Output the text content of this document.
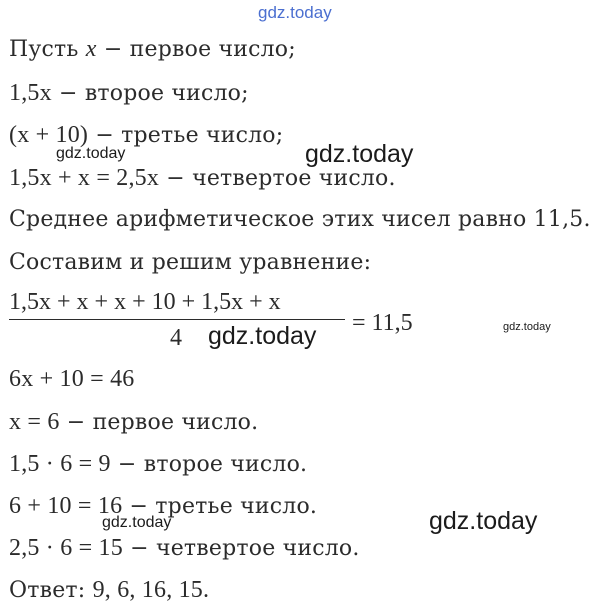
gdz.today
Пусть x − первое число;
1,5x − второе число;
(x + 10) − третье число;
gdz.today	gdz.today
1,5x + x = 2,5x − четвертое число.
Среднее арифметическое этих чисел равно 11,5.
Составим и решим уравнение:
1,5x + x + x + 10 + 1,5x + x
4
= 11,5
gdz.today	gdz.today
6x + 10 = 46
x = 6 − первое число.
1,5 · 6 = 9 − второе число.
6 + 10 = 16 − третье число.
gdz.today	gdz.today
2,5 · 6 = 15 − четвертое число.
Ответ: 9, 6, 16, 15.	gdz.today
